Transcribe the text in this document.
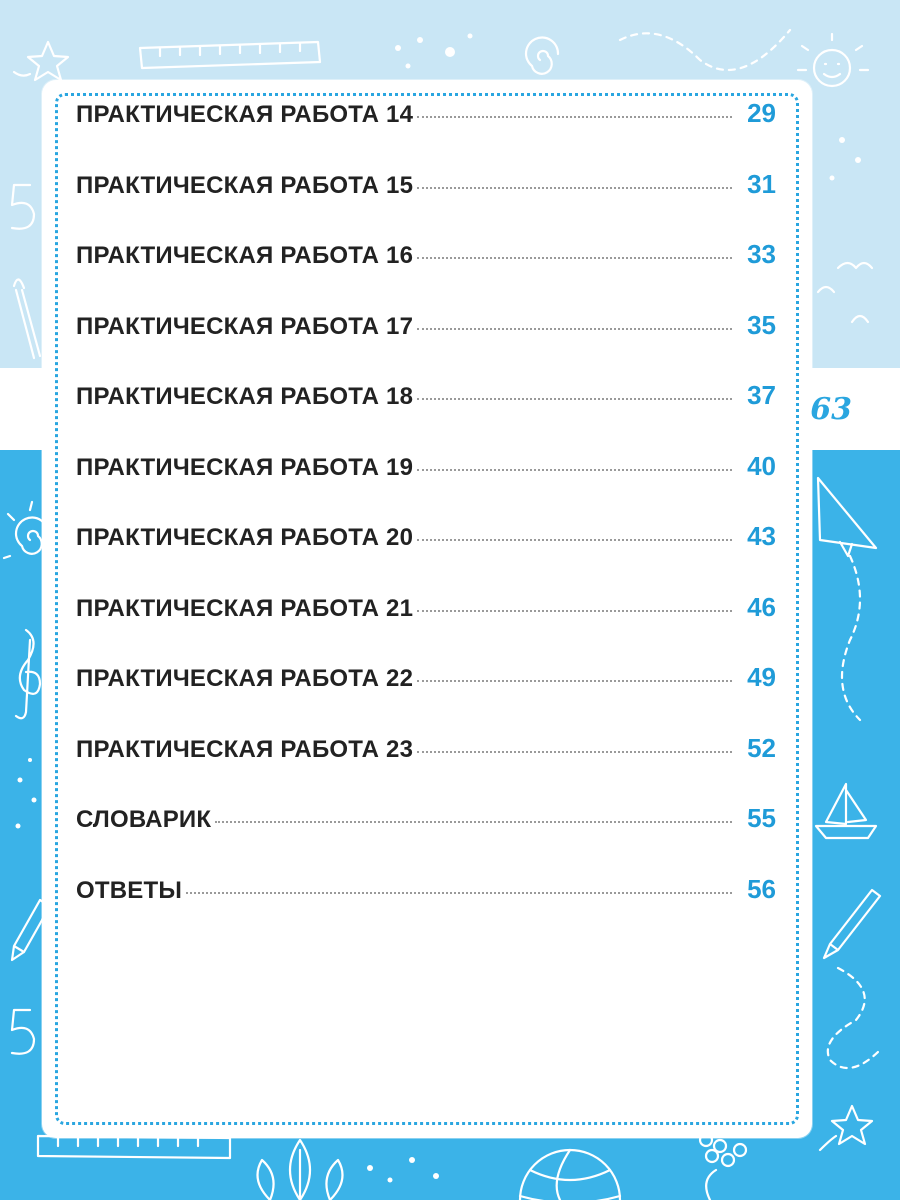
ПРАКТИЧЕСКАЯ РАБОТА 14	29
ПРАКТИЧЕСКАЯ РАБОТА 15	31
ПРАКТИЧЕСКАЯ РАБОТА 16	33
ПРАКТИЧЕСКАЯ РАБОТА 17	35
ПРАКТИЧЕСКАЯ РАБОТА 18	37
ПРАКТИЧЕСКАЯ РАБОТА 19	40
ПРАКТИЧЕСКАЯ РАБОТА 20	43
ПРАКТИЧЕСКАЯ РАБОТА 21	46
ПРАКТИЧЕСКАЯ РАБОТА 22	49
ПРАКТИЧЕСКАЯ РАБОТА 23	52
СЛОВАРИК	55
ОТВЕТЫ	56
63
